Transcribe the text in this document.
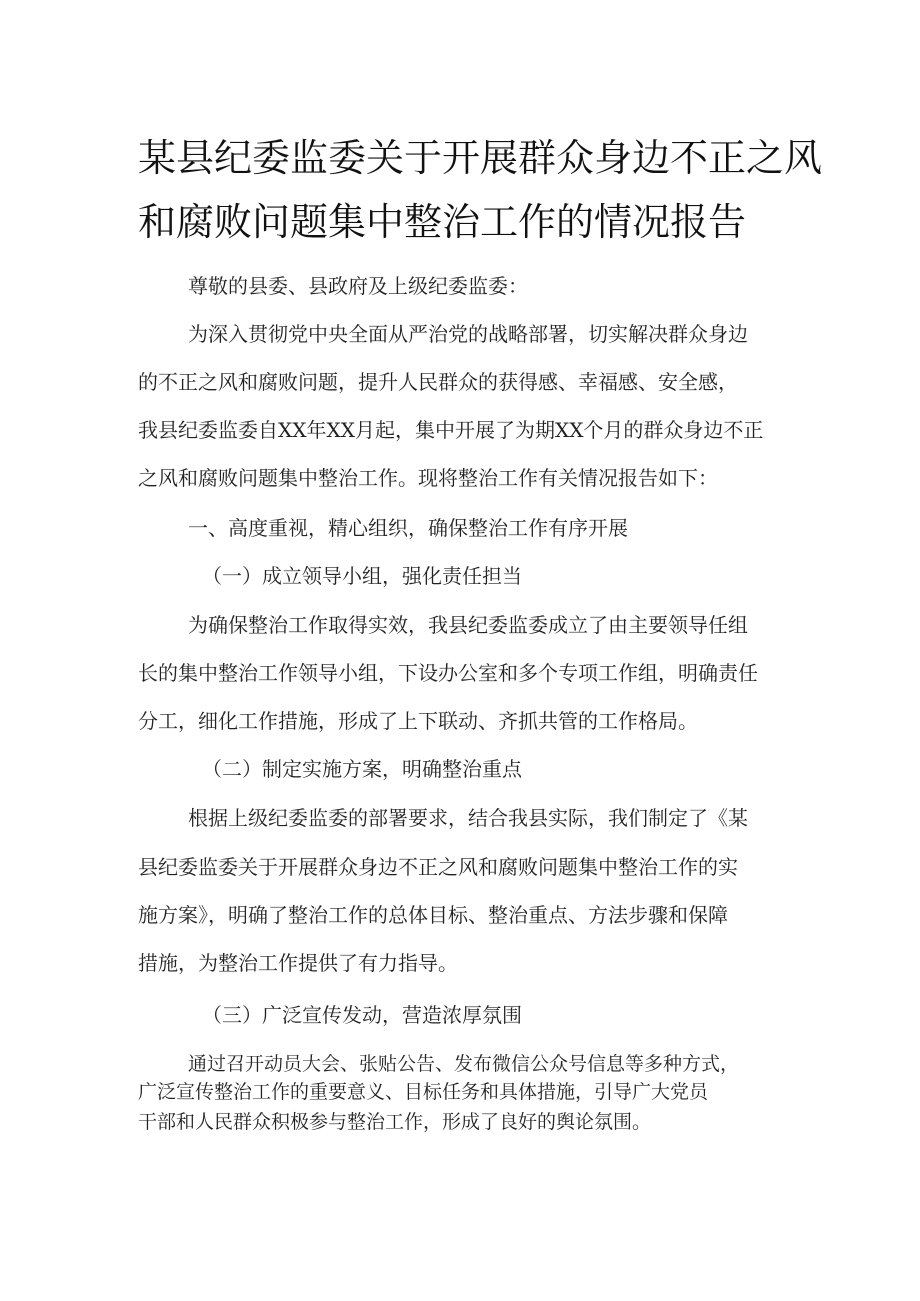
某县纪委监委关于开展群众身边不正之风
和腐败问题集中整治工作的情况报告
尊敬的县委、县政府及上级纪委监委：
为深入贯彻党中央全面从严治党的战略部署，切实解决群众身边
的不正之风和腐败问题，提升人民群众的获得感、幸福感、安全感，
我县纪委监委自XX年XX月起，集中开展了为期XX个月的群众身边不正
之风和腐败问题集中整治工作。现将整治工作有关情况报告如下：
一、高度重视，精心组织，确保整治工作有序开展
（一）成立领导小组，强化责任担当
为确保整治工作取得实效，我县纪委监委成立了由主要领导任组
长的集中整治工作领导小组，下设办公室和多个专项工作组，明确责任
分工，细化工作措施，形成了上下联动、齐抓共管的工作格局。
（二）制定实施方案，明确整治重点
根据上级纪委监委的部署要求，结合我县实际，我们制定了《某
县纪委监委关于开展群众身边不正之风和腐败问题集中整治工作的实
施方案》，明确了整治工作的总体目标、整治重点、方法步骤和保障
措施，为整治工作提供了有力指导。
（三）广泛宣传发动，营造浓厚氛围
通过召开动员大会、张贴公告、发布微信公众号信息等多种方式，
广泛宣传整治工作的重要意义、目标任务和具体措施，引导广大党员
干部和人民群众积极参与整治工作，形成了良好的舆论氛围。
